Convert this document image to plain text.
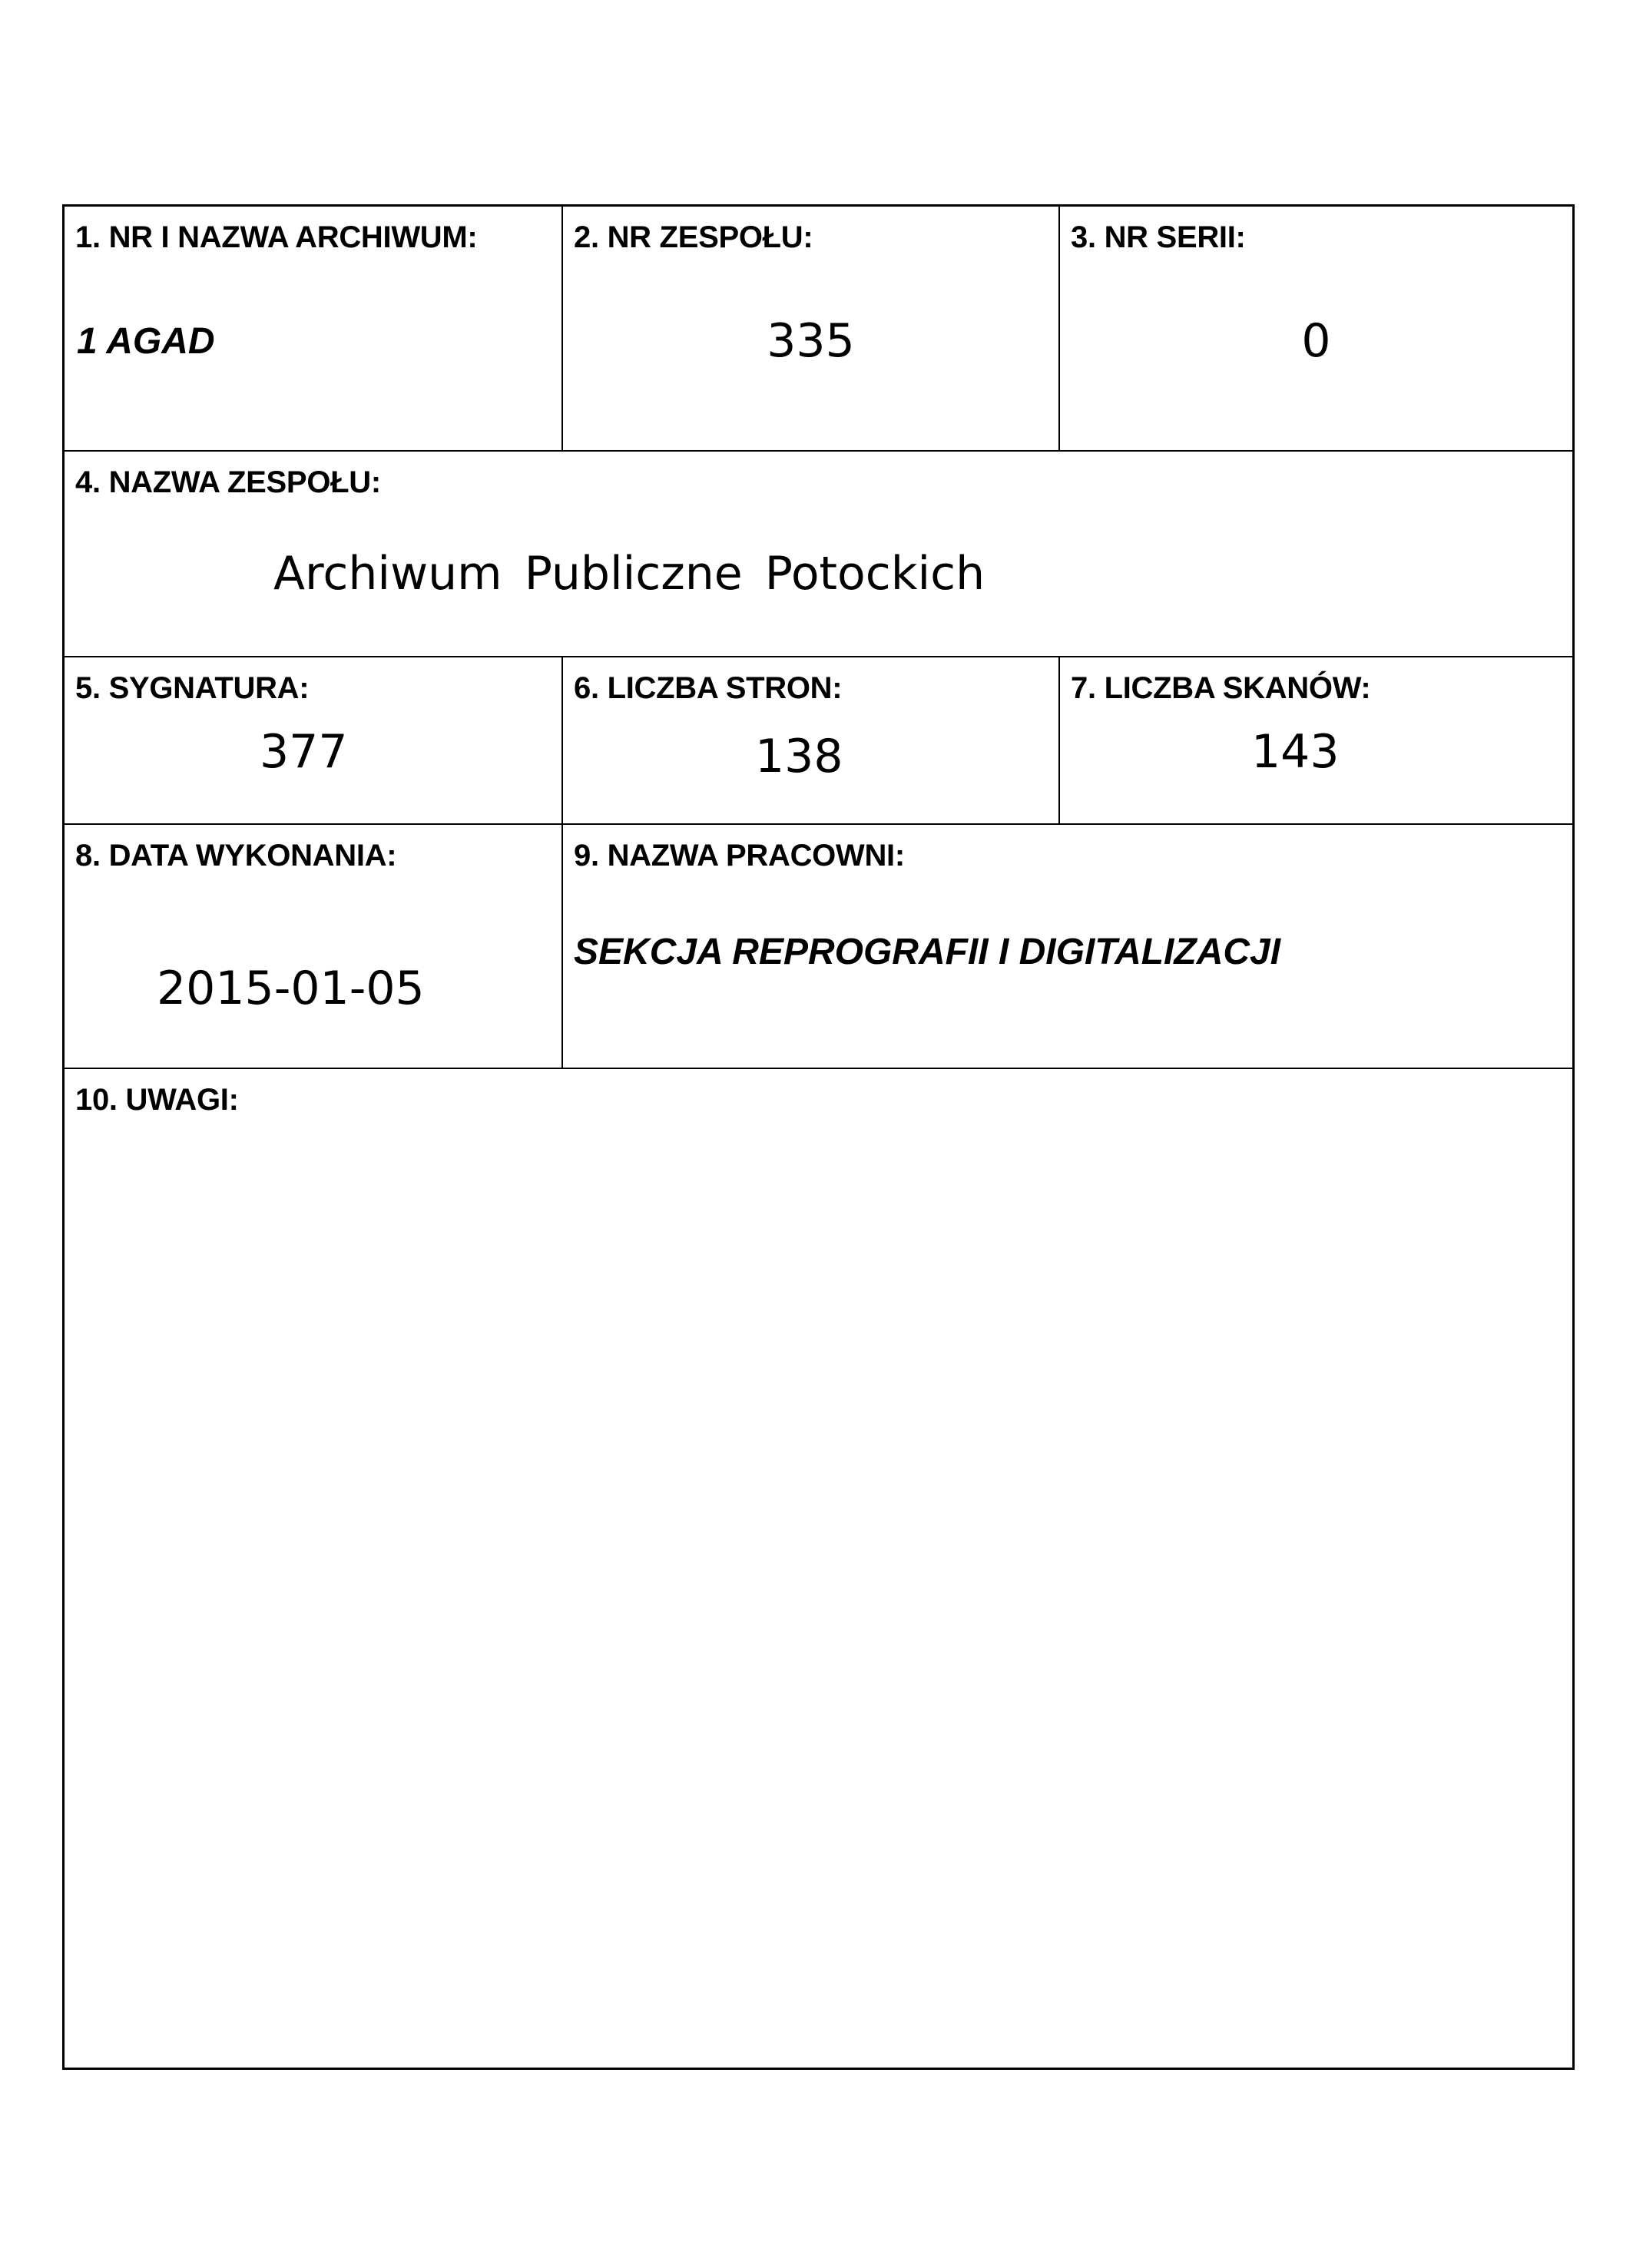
1. NR I NAZWA ARCHIWUM:
1 AGAD
2. NR ZESPOŁU:
335
3. NR SERII:
0
4. NAZWA ZESPOŁU:
Archiwum Publiczne Potockich
5. SYGNATURA:
377
6. LICZBA STRON:
138
7. LICZBA SKANÓW:
143
8. DATA WYKONANIA:
2015-01-05
9. NAZWA PRACOWNI:
SEKCJA REPROGRAFII I DIGITALIZACJI
10. UWAGI:
